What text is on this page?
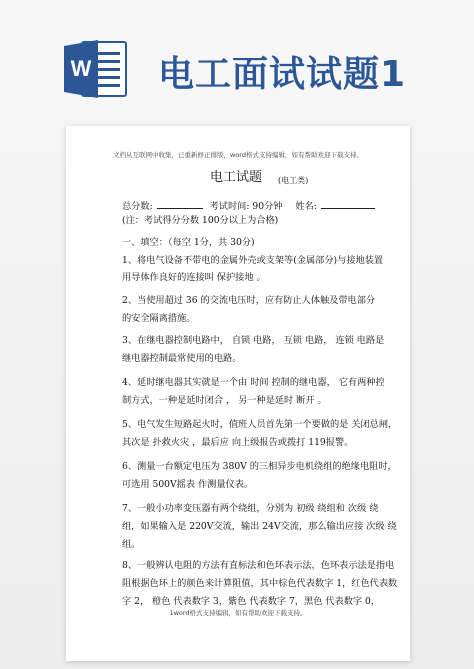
W 电工面试试题1
文档从互联网中收集，已重新修正排版，word格式支持编辑，如有帮助欢迎下载支持。
电工试题 (电工类)
总分数:	考试时间: 90分钟 姓名:
(注：考试得分分数 100分以上为合格)
一、填空：（每空 1分，共 30分)
1、将电气设备不带电的金属外壳或支架等(金属部分)与接地装置
用导体作良好的连接叫 保护接地 。
2、当使用超过 36 的交流电压时，应有防止人体触及带电部分
的安全隔离措施。
3、在继电器控制电路中， 自锁 电路， 互锁 电路， 连锁 电路是
继电器控制最常使用的电路。
4、延时继电器其实就是一个由 时间 控制的继电器， 它有两种控
制方式，一种是延时闭合 ， 另一种是延时 断开 。
5、电气发生短路起火时，值班人员首先第一个要做的是 关闭总闸，
其次是 扑救火灾 ，最后应 向上级报告或拨打 119报警。
6、测量一台额定电压为 380V 的三相异步电机绕组的绝缘电阻时，
可选用 500V摇表 作测量仪表。
7、一般小功率变压器有两个绕组，分别为 初级 绕组和 次级 绕
组，如果输入是 220V交流，输出 24V交流，那么输出应接 次级 绕
组。
8、一般辨认电阻的方法有直标法和色环表示法，色环表示法是指电
阻根据色环上的颜色来计算阻值，其中棕色代表数字 1，红色代表数
字 2， 橙色 代表数字 3，紫色 代表数字 7，黑色 代表数字 0，
1word格式支持编辑，如有帮助欢迎下载支持。
